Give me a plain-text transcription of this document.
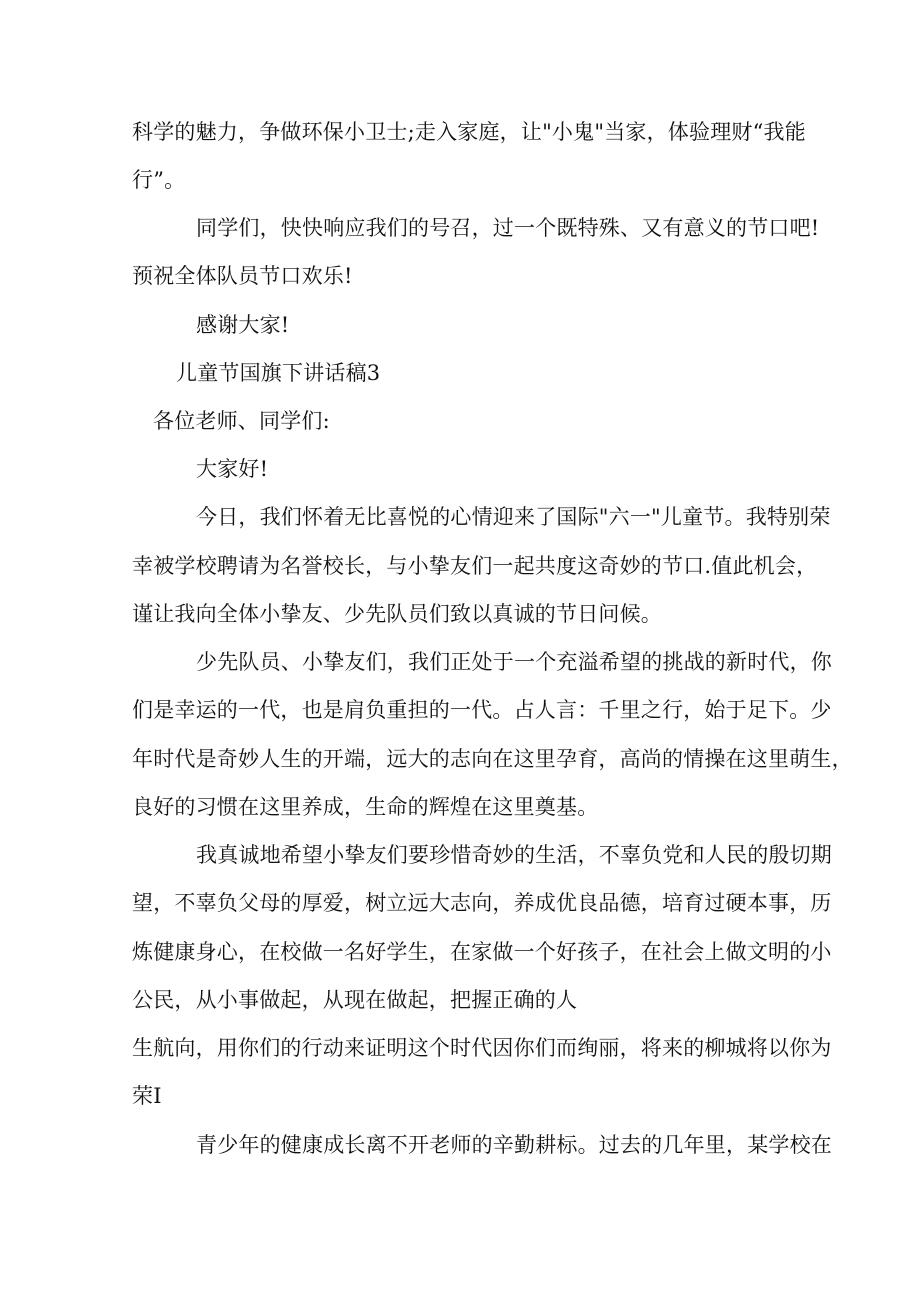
科学的魅力，争做环保小卫士;走入家庭，让"小鬼"当家，体验理财“我能
行”。
同学们，快快响应我们的号召，过一个既特殊、又有意义的节口吧!
预祝全体队员节口欢乐!
感谢大家!
儿童节国旗下讲话稿3
各位老师、同学们:
大家好!
今日，我们怀着无比喜悦的心情迎来了国际"六一"儿童节。我特别荣
幸被学校聘请为名誉校长，与小挚友们一起共度这奇妙的节口.值此机会，
谨让我向全体小挚友、少先队员们致以真诚的节日问候。
少先队员、小挚友们，我们正处于一个充溢希望的挑战的新时代，你
们是幸运的一代，也是肩负重担的一代。占人言：千里之行，始于足下。少
年时代是奇妙人生的开端，远大的志向在这里孕育，高尚的情操在这里萌生，
良好的习惯在这里养成，生命的辉煌在这里奠基。
我真诚地希望小挚友们要珍惜奇妙的生活，不辜负党和人民的殷切期
望，不辜负父母的厚爱，树立远大志向，养成优良品德，培育过硬本事，历
炼健康身心，在校做一名好学生，在家做一个好孩子，在社会上做文明的小
公民，从小事做起，从现在做起，把握正确的人
生航向，用你们的行动来证明这个时代因你们而绚丽，将来的柳城将以你为
荣I
青少年的健康成长离不开老师的辛勤耕标。过去的几年里，某学校在
